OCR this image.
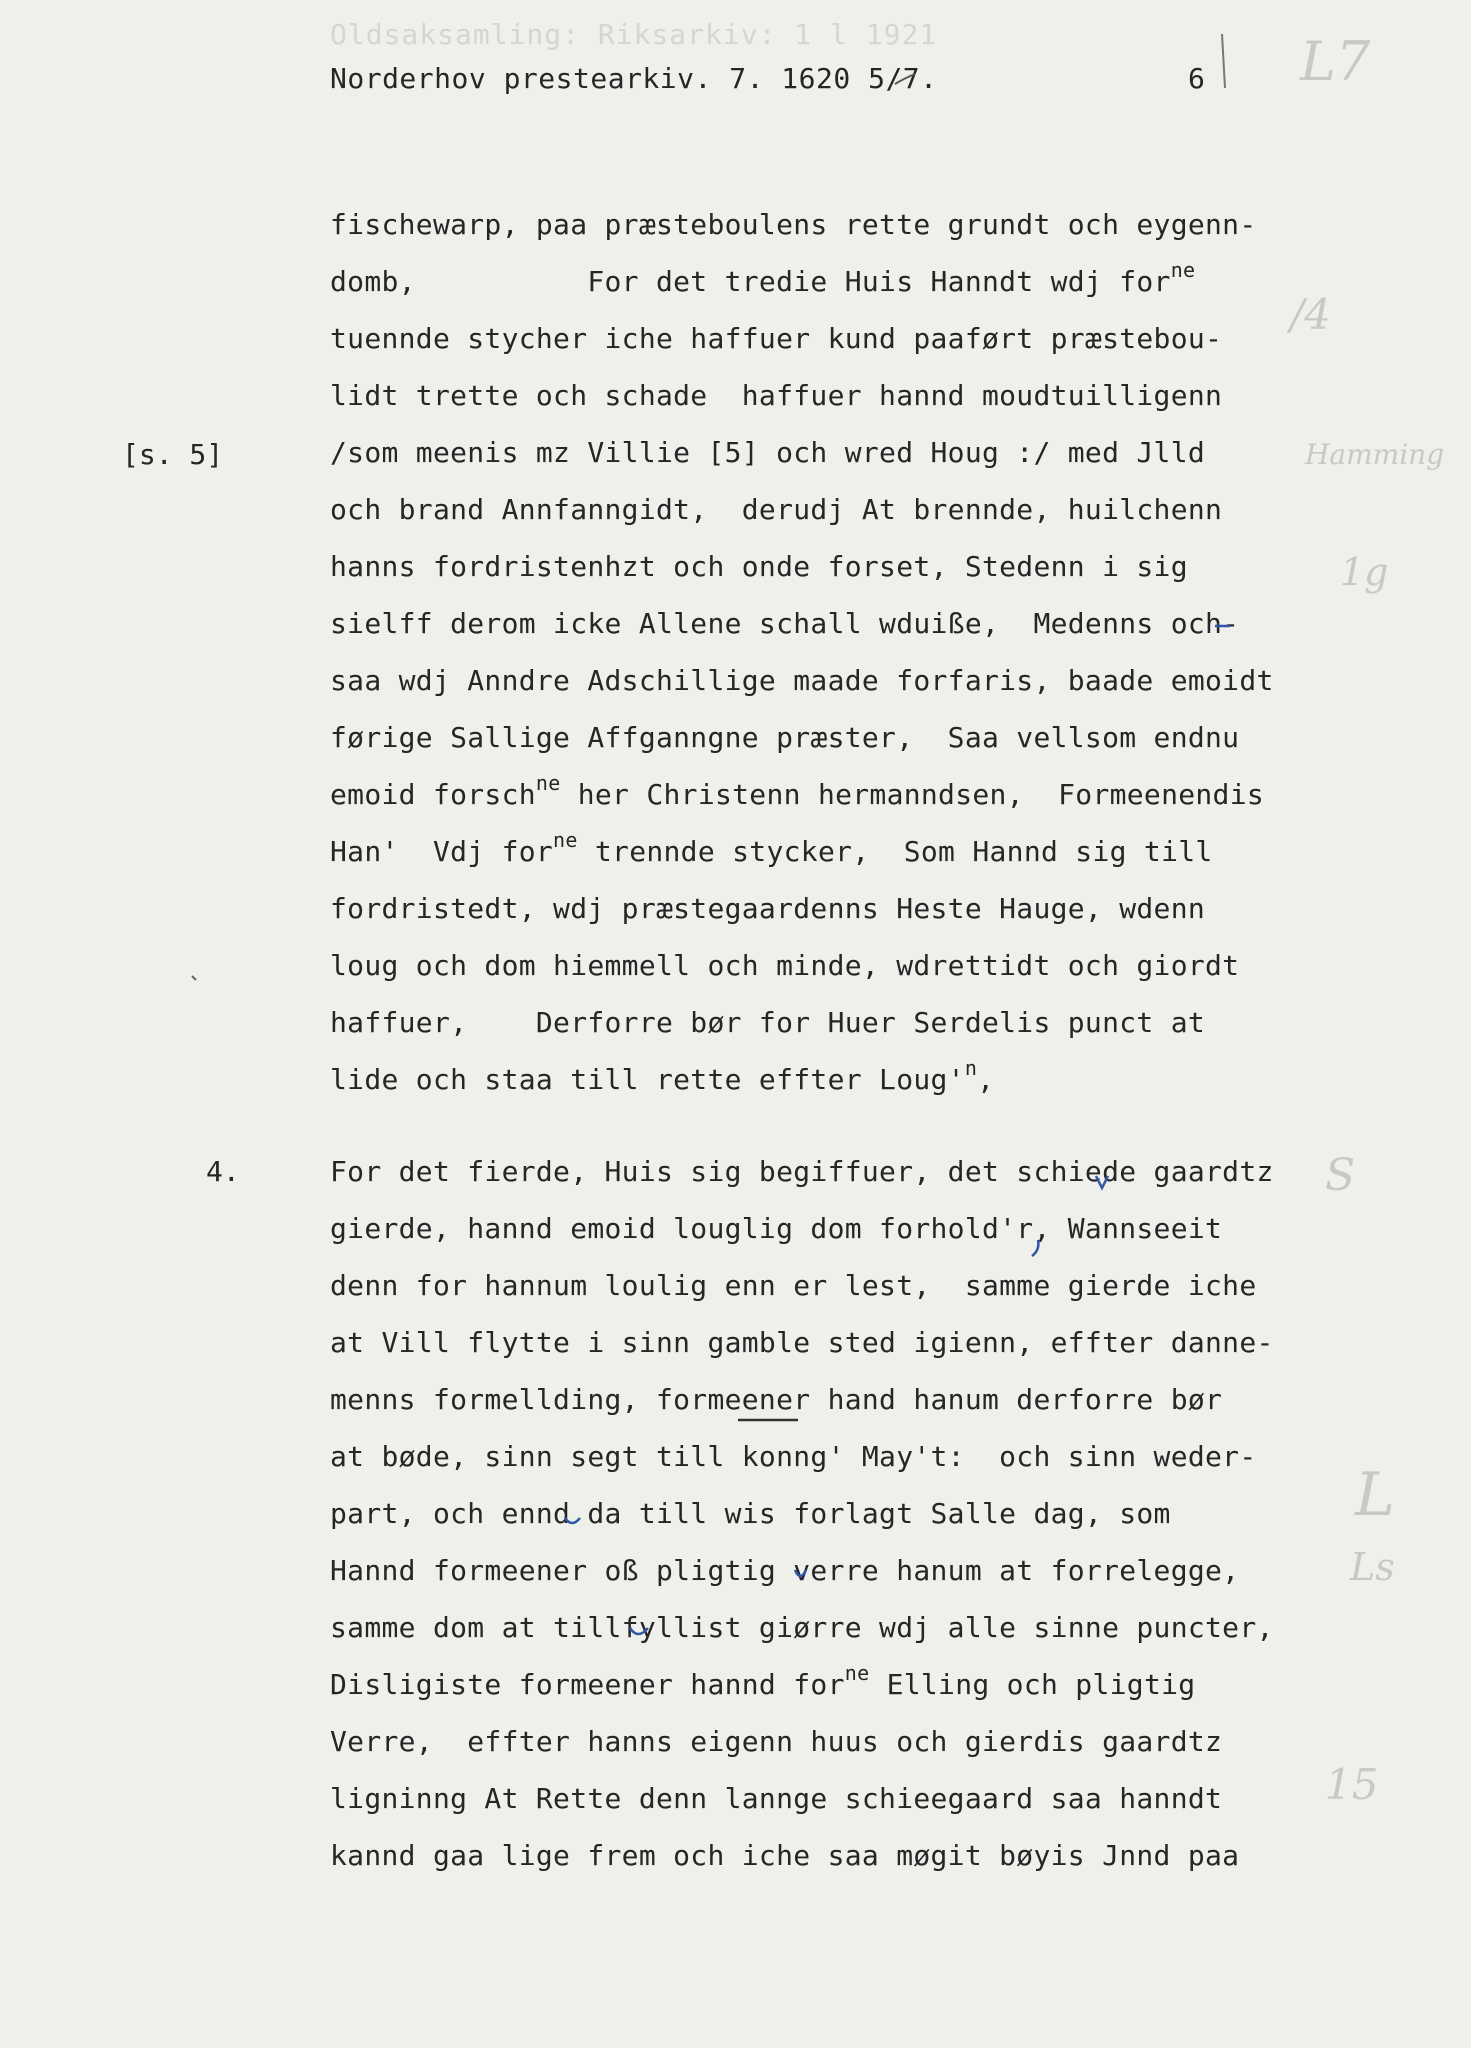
Oldsaksamling: Riksarkiv: 1 l 1921
Norderhov prestearkiv. 7. 1620 5/7.	6
[s. 5]
4.
fischewarp, paa præsteboulens rette grundt och eygenn-
domb,          For det tredie Huis Hanndt wdj for$^{ne}$
tuennde stycher iche haffuer kund paaført præstebou-
lidt trette och schade  haffuer hannd moudtuilligenn
/som meenis mz Villie [5] och wred Houg :/ med Jlld
och brand Annfanngidt,  derudj At brennde, huilchenn
hanns fordristenhzt och onde forset, Stedenn i sig
sielff derom icke Allene schall wduiße,  Medenns och-
saa wdj Anndre Adschillige maade forfaris, baade emoidt
førige Sallige Affganngne præster,  Saa vellsom endnu
emoid forsch$^{ne}$ her Christenn hermanndsen,  Formeenendis
Han'  Vdj for$^{ne}$ trennde stycker,  Som Hannd sig till
fordristedt, wdj præstegaardenns Heste Hauge, wdenn
loug och dom hiemmell och minde, wdrettidt och giordt
haffuer,    Derforre bør for Huer Serdelis punct at
lide och staa till rette effter $Loug'^n$,
For det fierde, Huis sig begiffuer, det schiede gaardtz
gierde, hannd emoid louglig dom forhold'r, Wannseeit
denn for hannum loulig enn er lest,  samme gierde iche
at Vill flytte i sinn gamble sted igienn, effter danne-
menns formellding, formeener hand hanum derforre bør
at bøde, sinn segt till konng' May't:  och sinn weder-
part, och ennd da till wis forlagt Salle dag, som
Hannd formeener oß pligtig verre hanum at forrelegge,
samme dom at tillfyllist giørre wdj alle sinne puncter,
Disligiste formeener hannd for$^{ne}$ Elling och pligtig
Verre,  effter hanns eigenn huus och gierdis gaardtz
ligninng At Rette denn lannge schieegaard saa hanndt
kannd gaa lige frem och iche saa møgit bøyis Jnnd paa
L7
/4
Hamming
1g
S
L
Ls
15
